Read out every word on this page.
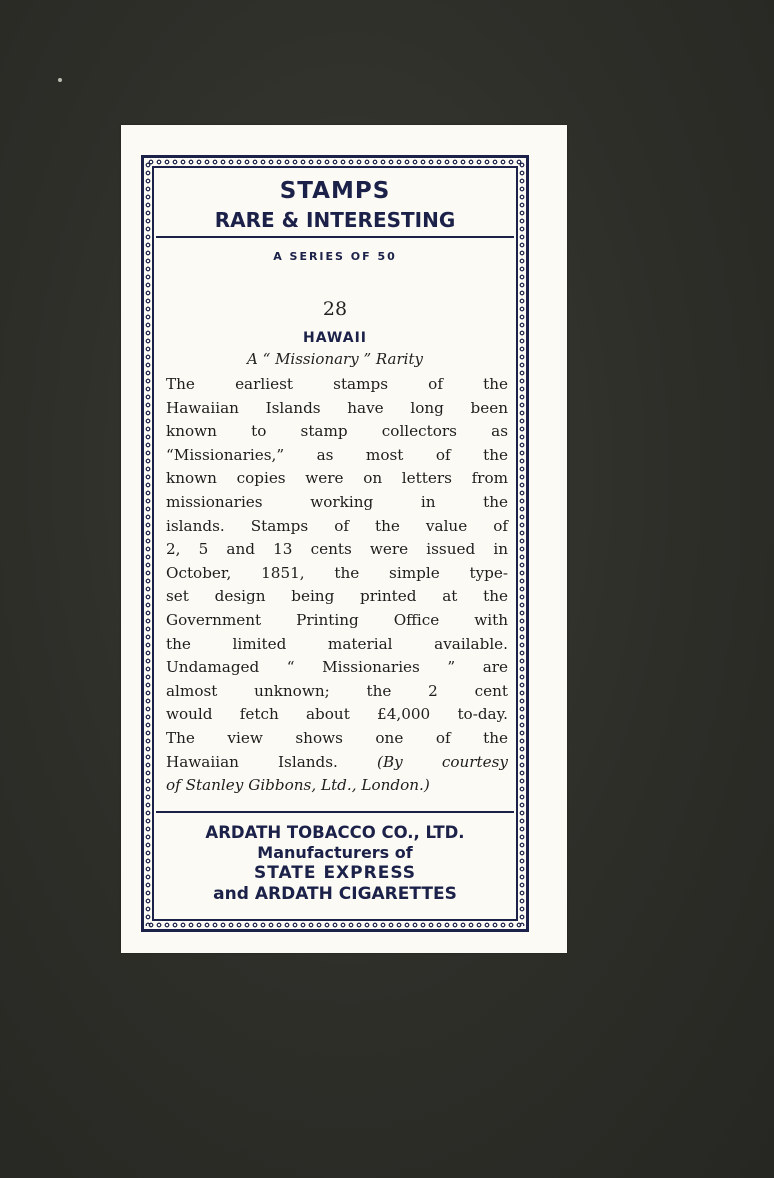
STAMPS
RARE & INTERESTING
A SERIES OF 50
28
HAWAII
A “ Missionary ” Rarity
The earliest stamps of the
Hawaiian Islands have long been
known to stamp collectors as
“Missionaries,” as most of the
known copies were on letters from
missionaries working in the
islands. Stamps of the value of
2, 5 and 13 cents were issued in
October, 1851, the simple type-
set design being printed at the
Government Printing Office with
the limited material available.
Undamaged “ Missionaries ” are
almost unknown; the 2 cent
would fetch about £4,000 to-day.
The view shows one of the
Hawaiian Islands.	(By courtesy
of Stanley Gibbons, Ltd., London.)
ARDATH TOBACCO CO., LTD.
Manufacturers of
STATE EXPRESS
and ARDATH CIGARETTES
